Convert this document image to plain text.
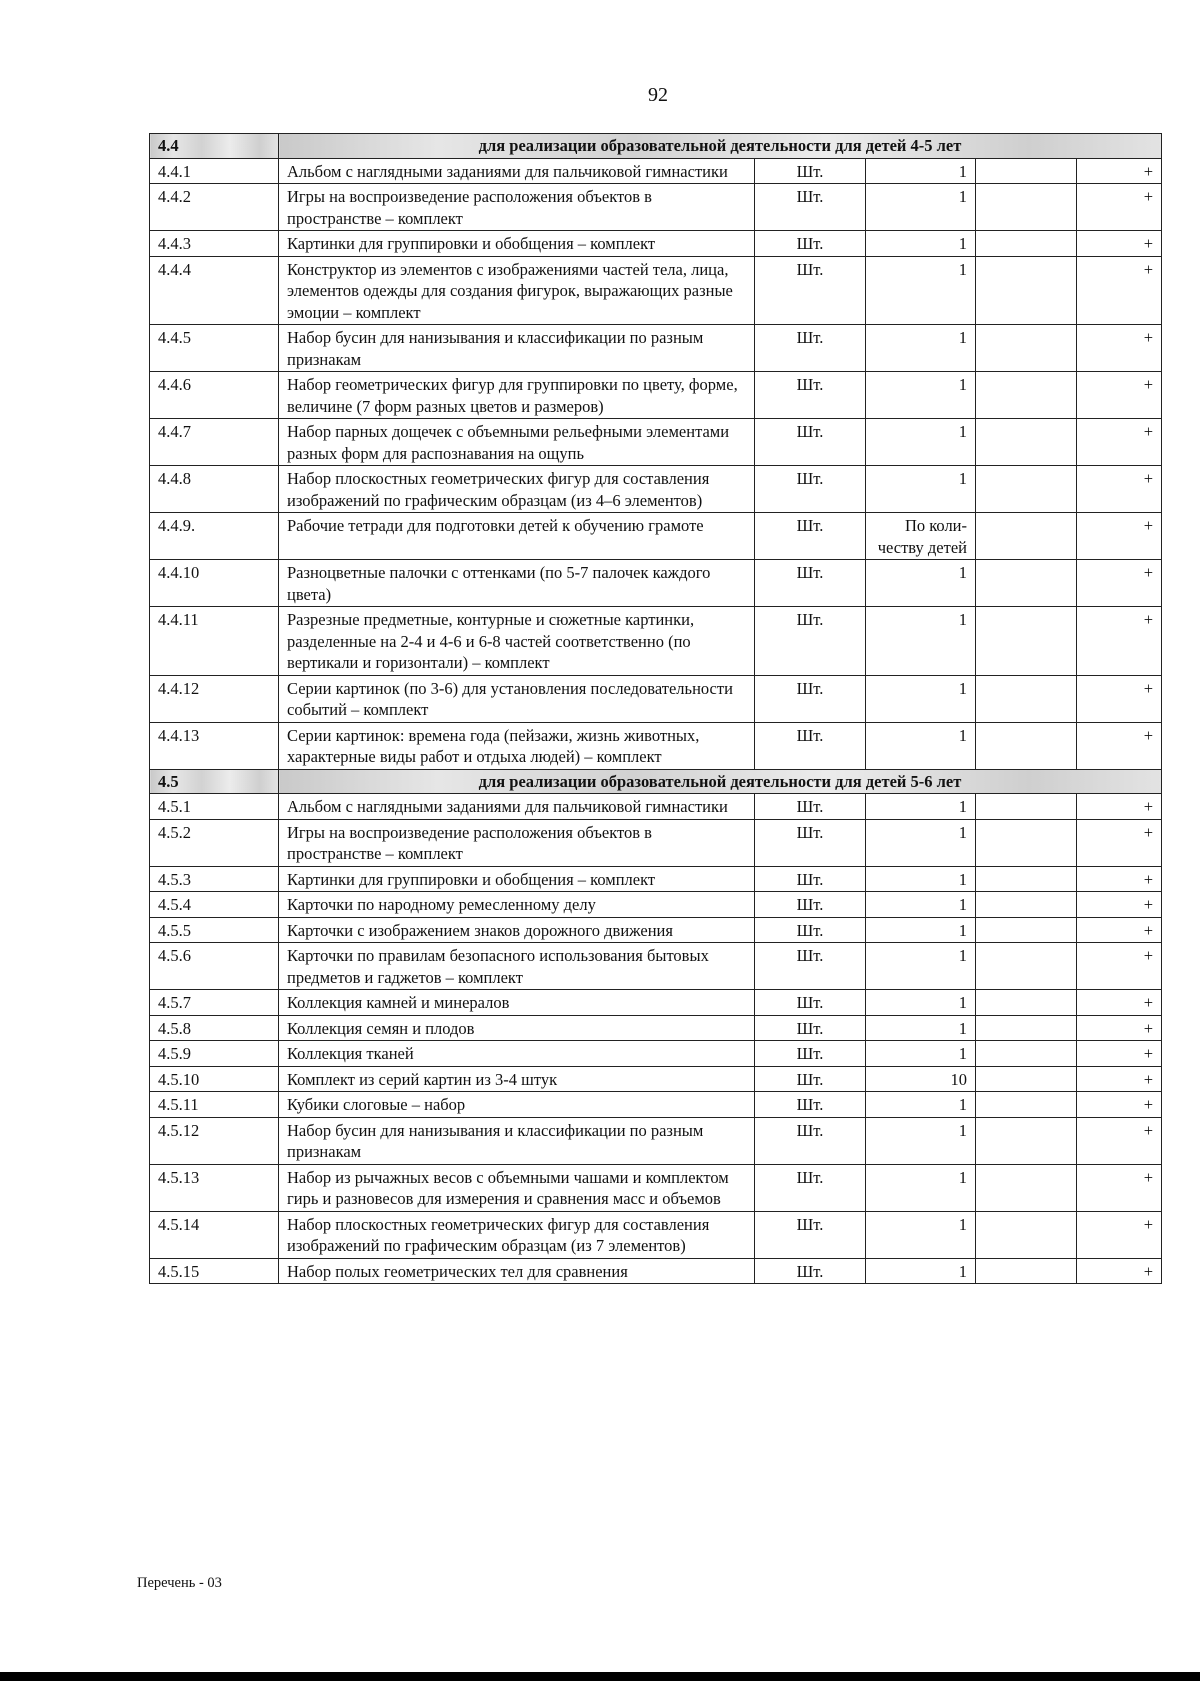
92
4.4	для реализации образовательной деятельности для детей 4-5 лет				
4.4.1	Альбом с наглядными заданиями для пальчиковой гимнастики	Шт.	1		+
4.4.2	Игры на воспроизведение расположения объектов в пространстве – комплект	Шт.	1		+
4.4.3	Картинки для группировки и обобщения – комплект	Шт.	1		+
4.4.4	Конструктор из элементов с изображениями частей тела, лица, элементов одежды для создания фигурок, выражающих разные эмоции – комплект	Шт.	1		+
4.4.5	Набор бусин для нанизывания и классификации по разным признакам	Шт.	1		+
4.4.6	Набор геометрических фигур для группировки по цвету, форме, величине (7 форм разных цветов и размеров)	Шт.	1		+
4.4.7	Набор парных дощечек с объемными рельефными элементами разных форм для распознавания на ощупь	Шт.	1		+
4.4.8	Набор плоскостных геометрических фигур для составления изображений по графическим образцам (из 4–6 элементов)	Шт.	1		+
4.4.9.	Рабочие тетради для подготовки детей к обучению грамоте	Шт.	По коли-честву детей		+
4.4.10	Разноцветные палочки с оттенками (по 5-7 палочек каждого цвета)	Шт.	1		+
4.4.11	Разрезные предметные, контурные и сюжетные картинки, разделенные на 2-4 и 4-6 и 6-8 частей соответственно (по вертикали и горизонтали) – комплект	Шт.	1		+
4.4.12	Серии картинок (по 3-6) для установления последовательности событий – комплект	Шт.	1		+
4.4.13	Серии картинок: времена года (пейзажи, жизнь животных, характерные виды работ и отдыха людей) – комплект	Шт.	1		+
4.5	для реализации образовательной деятельности для детей 5-6 лет				
4.5.1	Альбом с наглядными заданиями для пальчиковой гимнастики	Шт.	1		+
4.5.2	Игры на воспроизведение расположения объектов в пространстве – комплект	Шт.	1		+
4.5.3	Картинки для группировки и обобщения – комплект	Шт.	1		+
4.5.4	Карточки по народному ремесленному делу	Шт.	1		+
4.5.5	Карточки с изображением знаков дорожного движения	Шт.	1		+
4.5.6	Карточки по правилам безопасного использования бытовых предметов и гаджетов – комплект	Шт.	1		+
4.5.7	Коллекция камней и минералов	Шт.	1		+
4.5.8	Коллекция семян и плодов	Шт.	1		+
4.5.9	Коллекция тканей	Шт.	1		+
4.5.10	Комплект из серий картин из 3-4 штук	Шт.	10		+
4.5.11	Кубики слоговые – набор	Шт.	1		+
4.5.12	Набор бусин для нанизывания и классификации по разным признакам	Шт.	1		+
4.5.13	Набор из рычажных весов с объемными чашами и комплектом гирь и разновесов для измерения и сравнения масс и объемов	Шт.	1		+
4.5.14	Набор плоскостных геометрических фигур для составления изображений по графическим образцам (из 7 элементов)	Шт.	1		+
4.5.15	Набор полых геометрических тел для сравнения	Шт.	1		+
Перечень - 03
